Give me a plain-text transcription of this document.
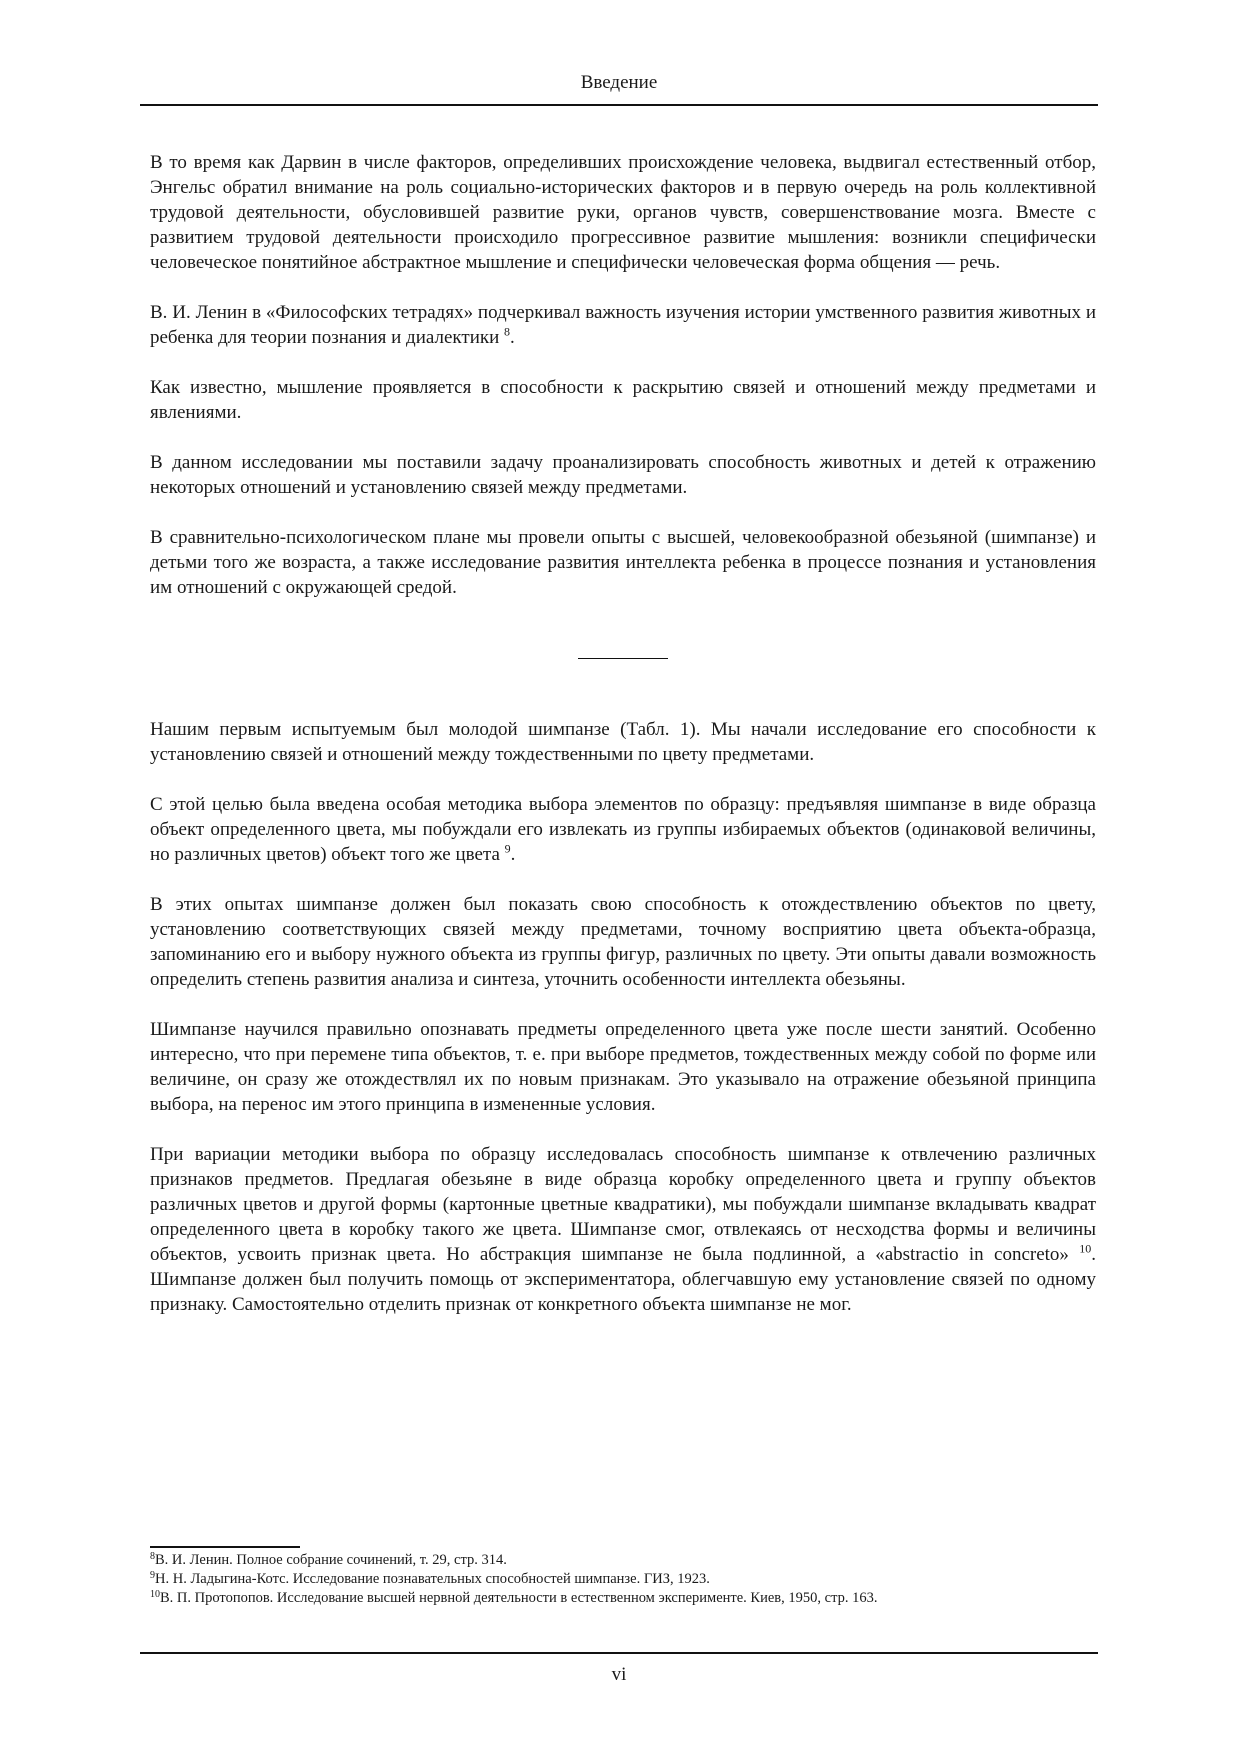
Введение

В то время как Дарвин в числе факторов, определивших происхождение человека, выдвигал естественный отбор, Энгельс обратил внимание на роль социально-исторических факторов и в первую очередь на роль коллективной трудовой деятельности, обусловившей развитие руки, органов чувств, совершенствование мозга. Вместе с развитием трудовой деятельности происходило прогрессивное развитие мышления: возникли специфически человеческое понятийное абстрактное мышление и специфически человеческая форма общения — речь.

В. И. Ленин в «Философских тетрадях» подчеркивал важность изучения истории умственного развития животных и ребенка для теории познания и диалектики $^8$.

Как известно, мышление проявляется в способности к раскрытию связей и отношений между предметами и явлениями.

В данном исследовании мы поставили задачу проанализировать способность животных и детей к отражению некоторых отношений и установлению связей между предметами.

В сравнительно-психологическом плане мы провели опыты с высшей, человекообразной обезьяной (шимпанзе) и детьми того же возраста, а также исследование развития интеллекта ребенка в процессе познания и установления им отношений с окружающей средой.

Нашим первым испытуемым был молодой шимпанзе (Табл. 1). Мы начали исследование его способности к установлению связей и отношений между тождественными по цвету предметами.

С этой целью была введена особая методика выбора элементов по образцу: предъявляя шимпанзе в виде образца объект определенного цвета, мы побуждали его извлекать из группы избираемых объектов (одинаковой величины, но различных цветов) объект того же цвета $^9$.

В этих опытах шимпанзе должен был показать свою способность к отождествлению объектов по цвету, установлению соответствующих связей между предметами, точному восприятию цвета объекта-образца, запоминанию его и выбору нужного объекта из группы фигур, различных по цвету. Эти опыты давали возможность определить степень развития анализа и синтеза, уточнить особенности интеллекта обезьяны.

Шимпанзе научился правильно опознавать предметы определенного цвета уже после шести занятий. Особенно интересно, что при перемене типа объектов, т. е. при выборе предметов, тождественных между собой по форме или величине, он сразу же отождествлял их по новым признакам. Это указывало на отражение обезьяной принципа выбора, на перенос им этого принципа в измененные условия.

При вариации методики выбора по образцу исследовалась способность шимпанзе к отвлечению различных признаков предметов. Предлагая обезьяне в виде образца коробку определенного цвета и группу объектов различных цветов и другой формы (картонные цветные квадратики), мы побуждали шимпанзе вкладывать квадрат определенного цвета в коробку такого же цвета. Шимпанзе смог, отвлекаясь от несходства формы и величины объектов, усвоить признак цвета. Но абстракция шимпанзе не была подлинной, а «abstractio in concreto» $^{10}$. Шимпанзе должен был получить помощь от экспериментатора, облегчавшую ему установление связей по одному признаку. Самостоятельно отделить признак от конкретного объекта шимпанзе не мог.

$^8$В. И. Ленин. Полное собрание сочинений, т. 29, стр. 314.
$^9$Н. Н. Ладыгина-Котс. Исследование познавательных способностей шимпанзе. ГИЗ, 1923.
$^{10}$В. П. Протопопов. Исследование высшей нервной деятельности в естественном эксперименте. Киев, 1950, стр. 163.
vi
